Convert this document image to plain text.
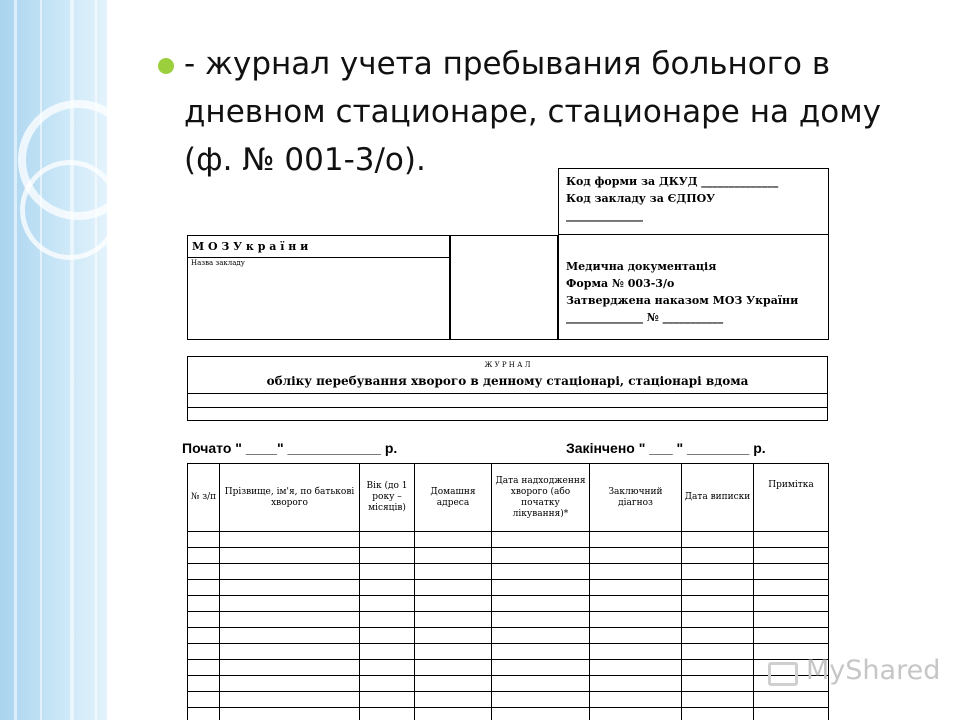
- журнал учета пребывания больного в дневном стационаре, стационаре на дому (ф. № 001-3/о).
Код форми за ДКУД ______________
Код закладу за ЄДПОУ
______________
М О З У к р а ї н и
Назва закладу	Медична документація
Форма № 003-3/о
Затверджена наказом МОЗ України
______________ № ___________
Ж У Р Н А Л
обліку перебування хворого в денному стаціонарі, стаціонарі вдома
Почато " ____" ____________ р.	Закінчено " ___ " ________ р.
№ з/п	Прізвище, ім'я, по батькові хворого	Вік (до 1 року – місяців)	Домашня адреса	Дата надходження хворого (або початку лікування)*	Заключний діагноз	Дата виписки	Примітка

MyShared
